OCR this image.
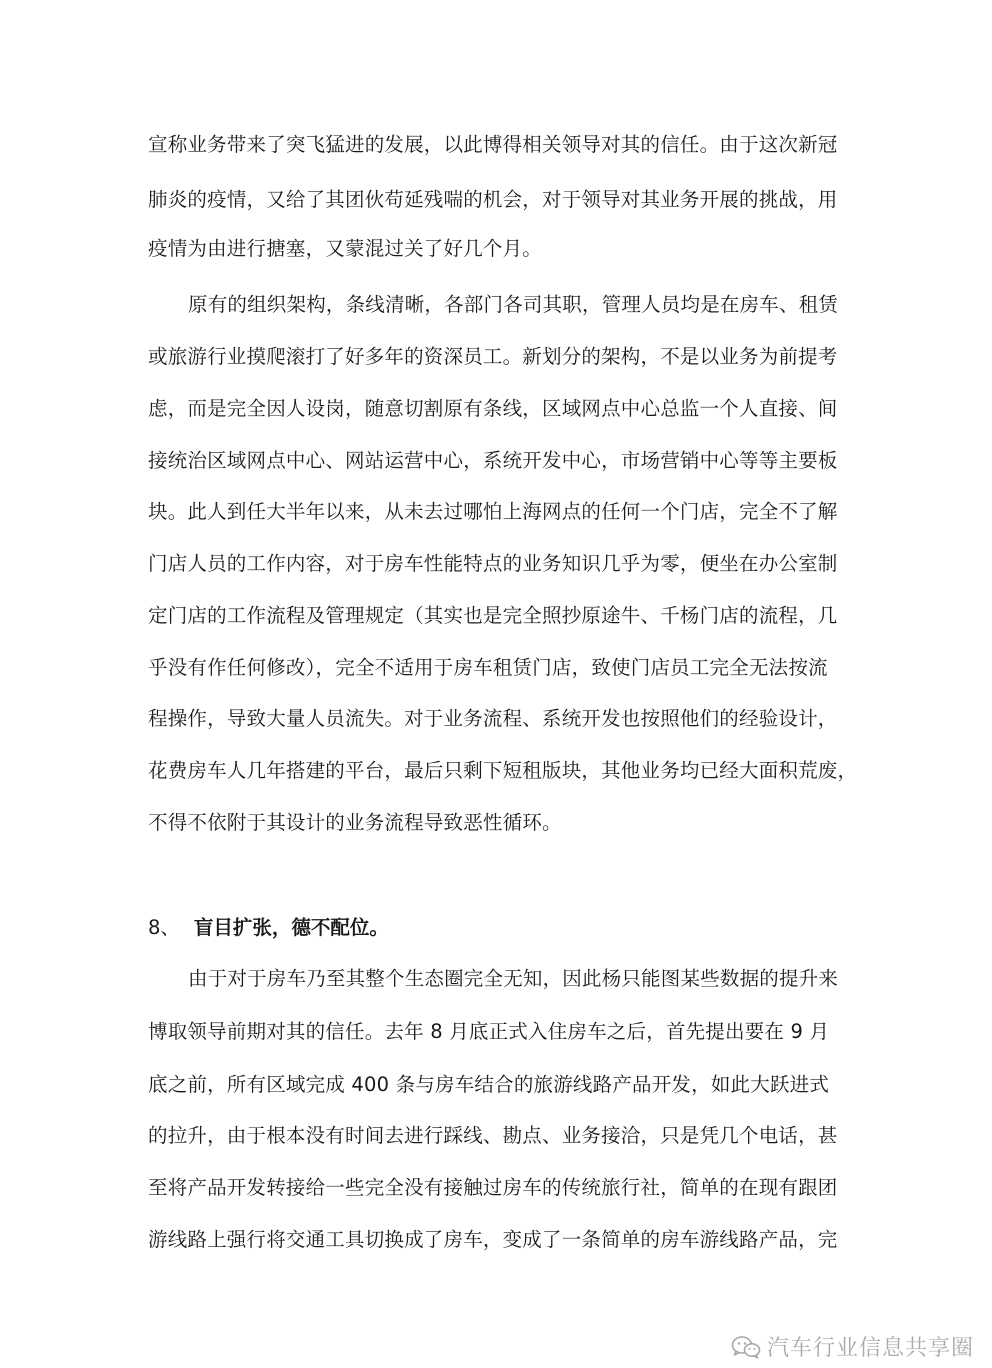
宣称业务带来了突飞猛进的发展，以此博得相关领导对其的信任。由于这次新冠
肺炎的疫情，又给了其团伙苟延残喘的机会，对于领导对其业务开展的挑战，用
疫情为由进行搪塞，又蒙混过关了好几个月。
原有的组织架构，条线清晰，各部门各司其职，管理人员均是在房车、租赁
或旅游行业摸爬滚打了好多年的资深员工。新划分的架构，不是以业务为前提考
虑，而是完全因人设岗，随意切割原有条线，区域网点中心总监一个人直接、间
接统治区域网点中心、网站运营中心，系统开发中心，市场营销中心等等主要板
块。此人到任大半年以来，从未去过哪怕上海网点的任何一个门店，完全不了解
门店人员的工作内容，对于房车性能特点的业务知识几乎为零，便坐在办公室制
定门店的工作流程及管理规定（其实也是完全照抄原途牛、千杨门店的流程，几
乎没有作任何修改），完全不适用于房车租赁门店，致使门店员工完全无法按流
程操作，导致大量人员流失。对于业务流程、系统开发也按照他们的经验设计，
花费房车人几年搭建的平台，最后只剩下短租版块，其他业务均已经大面积荒废，
不得不依附于其设计的业务流程导致恶性循环。
8、 盲目扩张，德不配位。
由于对于房车乃至其整个生态圈完全无知，因此杨只能图某些数据的提升来
博取领导前期对其的信任。去年 8 月底正式入住房车之后，首先提出要在 9 月
底之前，所有区域完成 400 条与房车结合的旅游线路产品开发，如此大跃进式
的拉升，由于根本没有时间去进行踩线、勘点、业务接洽，只是凭几个电话，甚
至将产品开发转接给一些完全没有接触过房车的传统旅行社，简单的在现有跟团
游线路上强行将交通工具切换成了房车，变成了一条简单的房车游线路产品，完
汽车行业信息共享圈
